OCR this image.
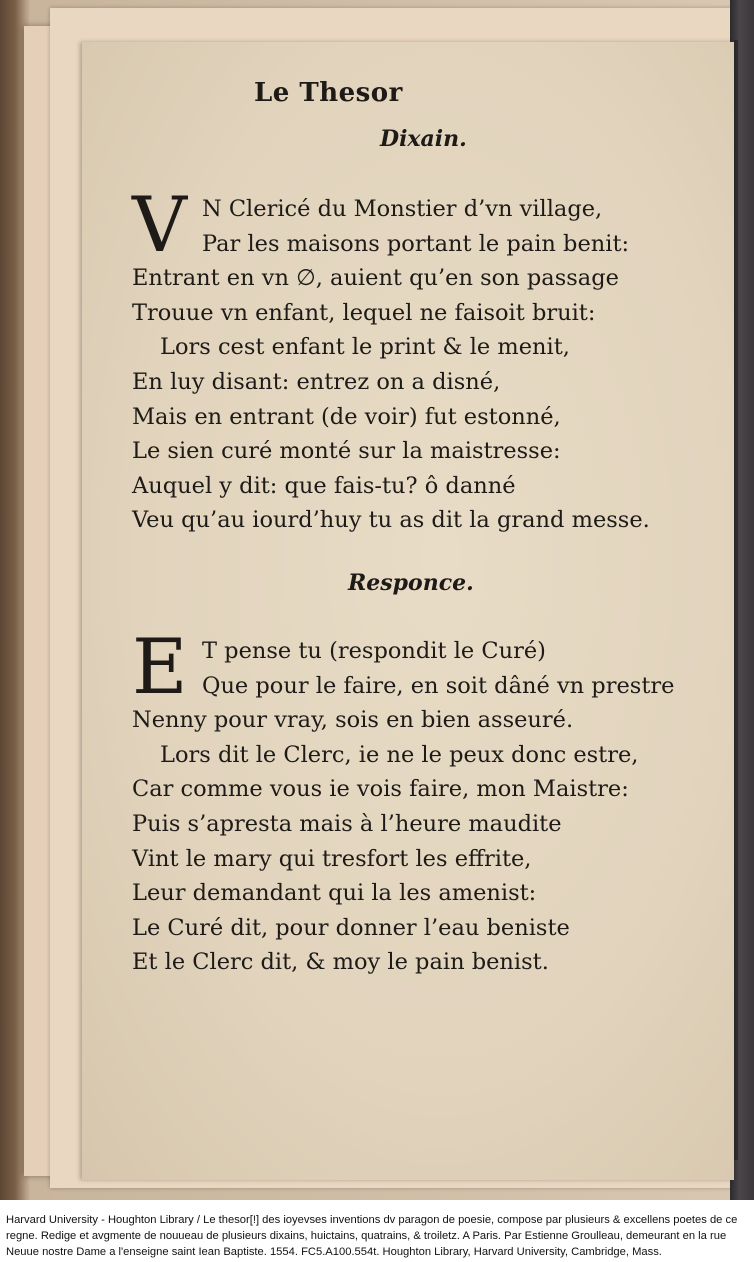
Le Thesor
Dixain.
V N Clericé du Monstier d’vn village,
Par les maisons portant le pain benit:
Entrant en vn ∅, auient qu’en son passage
Trouue vn enfant, lequel ne faisoit bruit:
Lors cest enfant le print & le menit,
En luy disant: entrez on a disné,
Mais en entrant (de voir) fut estonné,
Le sien curé monté sur la maistresse:
Auquel y dit: que fais-tu? ô danné
Veu qu’au iourd’huy tu as dit la grand messe.
Responce.
E T pense tu (respondit le Curé)
Que pour le faire, en soit dâné vn prestre
Nenny pour vray, sois en bien asseuré.
Lors dit le Clerc, ie ne le peux donc estre,
Car comme vous ie vois faire, mon Maistre:
Puis s’apresta mais à l’heure maudite
Vint le mary qui tresfort les effrite,
Leur demandant qui la les amenist:
Le Curé dit, pour donner l’eau beniste
Et le Clerc dit, & moy le pain benist.

Harvard University - Houghton Library / Le thesor[!] des ioyevses inventions dv paragon de poesie, compose par plusieurs & excellens poetes de ce regne. Redige et avgmente de nouueau de plusieurs dixains, huictains, quatrains, & troiletz. A Paris. Par Estienne Groulleau, demeurant en la rue Neuue nostre Dame a l'enseigne saint Iean Baptiste. 1554. FC5.A100.554t. Houghton Library, Harvard University, Cambridge, Mass.
